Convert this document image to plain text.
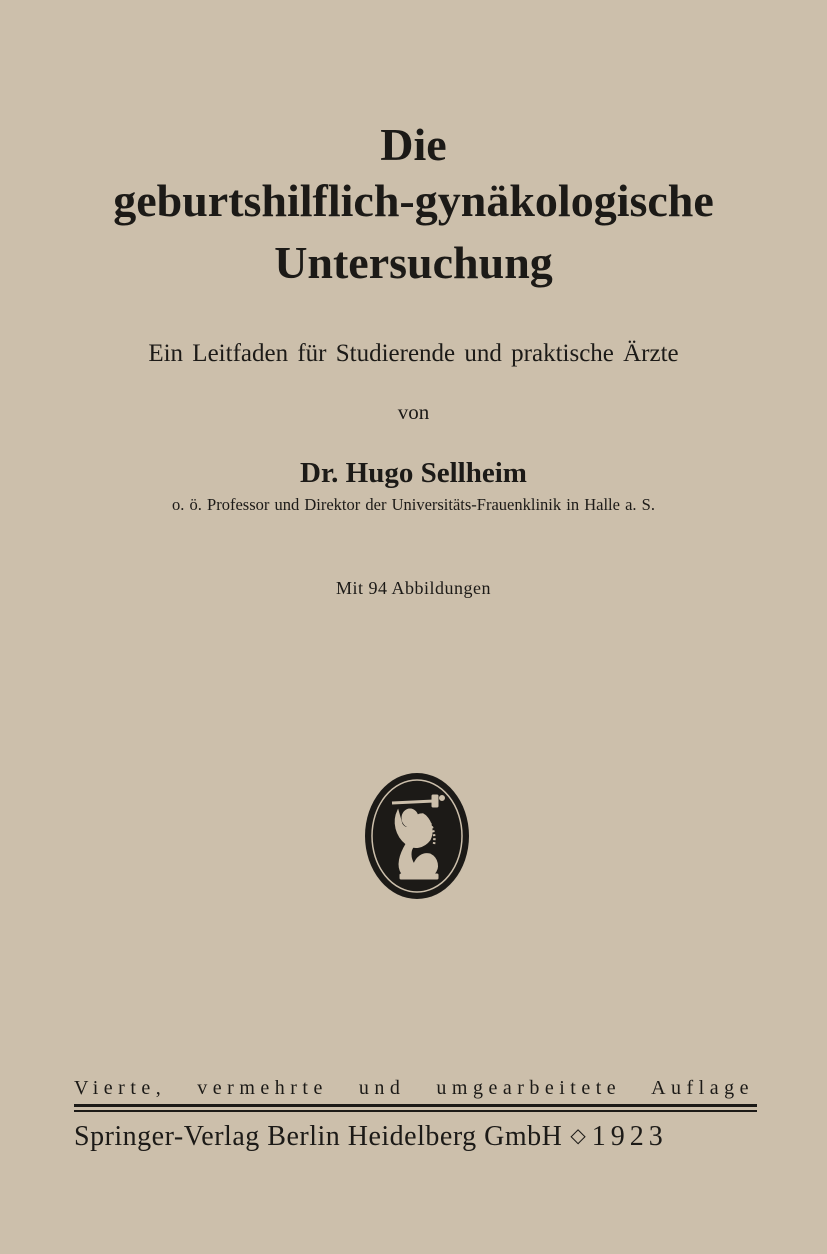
Die
geburtshilflich-gynäkologische
Untersuchung
Ein Leitfaden für Studierende und praktische Ärzte
von
Dr. Hugo Sellheim
o. ö. Professor und Direktor der Universitäts-Frauenklinik in Halle a. S.
Mit 94 Abbildungen
Vierte, vermehrte und umgearbeitete Auflage
Springer-Verlag Berlin Heidelberg GmbH ◇ 1923
